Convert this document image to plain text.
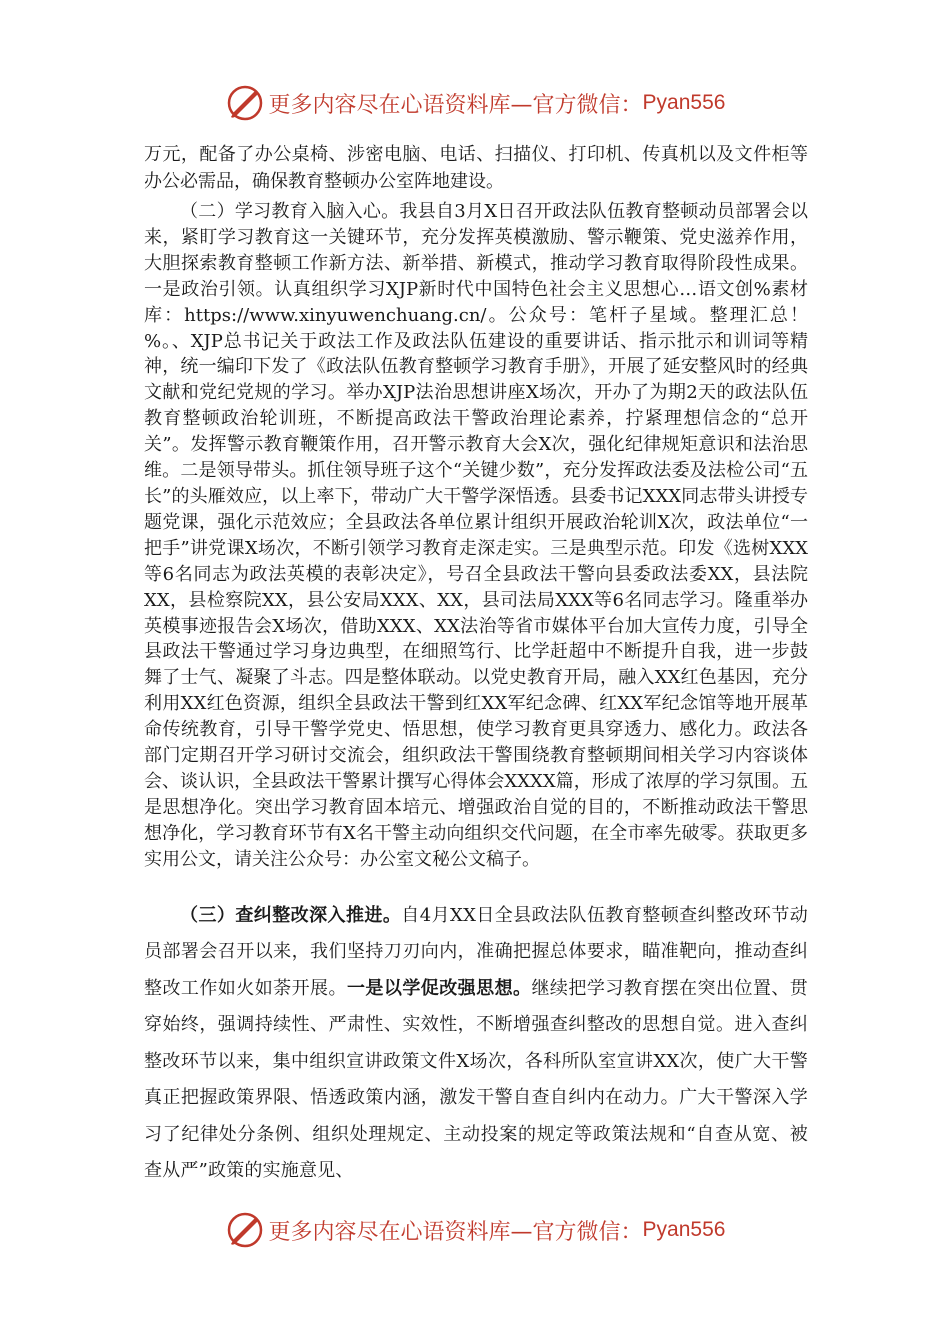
更多内容尽在心语资料库—官方微信： Pyan556

万元，配备了办公桌椅、涉密电脑、电话、扫描仪、打印机、传真机以及文件柜等办公必需品，确保教育整顿办公室阵地建设。

（二）学习教育入脑入心。我县自3月X日召开政法队伍教育整顿动员部署会以来，紧盯学习教育这一关键环节，充分发挥英模激励、警示鞭策、党史滋养作用，大胆探索教育整顿工作新方法、新举措、新模式，推动学习教育取得阶段性成果。一是政治引领。认真组织学习XJP新时代中国特色社会主义思想心…语文创%素材库：https://www.xinyuwenchuang.cn/。公众号：笔杆子星域。整理汇总！%。、XJP总书记关于政法工作及政法队伍建设的重要讲话、指示批示和训词等精神，统一编印下发了《政法队伍教育整顿学习教育手册》，开展了延安整风时的经典文献和党纪党规的学习。举办XJP法治思想讲座X场次，开办了为期2天的政法队伍教育整顿政治轮训班，不断提高政法干警政治理论素养，拧紧理想信念的“总开关”。发挥警示教育鞭策作用，召开警示教育大会X次，强化纪律规矩意识和法治思维。二是领导带头。抓住领导班子这个“关键少数”，充分发挥政法委及法检公司“五长”的头雁效应，以上率下，带动广大干警学深悟透。县委书记XXX同志带头讲授专题党课，强化示范效应；全县政法各单位累计组织开展政治轮训X次，政法单位“一把手”讲党课X场次，不断引领学习教育走深走实。三是典型示范。印发《选树XXX等6名同志为政法英模的表彰决定》，号召全县政法干警向县委政法委XX，县法院XX，县检察院XX，县公安局XXX、XX，县司法局XXX等6名同志学习。隆重举办英模事迹报告会X场次，借助XXX、XX法治等省市媒体平台加大宣传力度，引导全县政法干警通过学习身边典型，在细照笃行、比学赶超中不断提升自我，进一步鼓舞了士气、凝聚了斗志。四是整体联动。以党史教育开局，融入XX红色基因，充分利用XX红色资源，组织全县政法干警到红XX军纪念碑、红XX军纪念馆等地开展革命传统教育，引导干警学党史、悟思想，使学习教育更具穿透力、感化力。政法各部门定期召开学习研讨交流会，组织政法干警围绕教育整顿期间相关学习内容谈体会、谈认识，全县政法干警累计撰写心得体会XXXX篇，形成了浓厚的学习氛围。五是思想净化。突出学习教育固本培元、增强政治自觉的目的，不断推动政法干警思想净化，学习教育环节有X名干警主动向组织交代问题，在全市率先破零。获取更多实用公文，请关注公众号：办公室文秘公文稿子。

（三）查纠整改深入推进。自4月XX日全县政法队伍教育整顿查纠整改环节动员部署会召开以来，我们坚持刀刃向内，准确把握总体要求，瞄准靶向，推动查纠整改工作如火如荼开展。一是以学促改强思想。继续把学习教育摆在突出位置、贯穿始终，强调持续性、严肃性、实效性，不断增强查纠整改的思想自觉。进入查纠整改环节以来，集中组织宣讲政策文件X场次，各科所队室宣讲XX次，使广大干警真正把握政策界限、悟透政策内涵，激发干警自查自纠内在动力。广大干警深入学习了纪律处分条例、组织处理规定、主动投案的规定等政策法规和“自查从宽、被查从严”政策的实施意见、

更多内容尽在心语资料库—官方微信： Pyan556
